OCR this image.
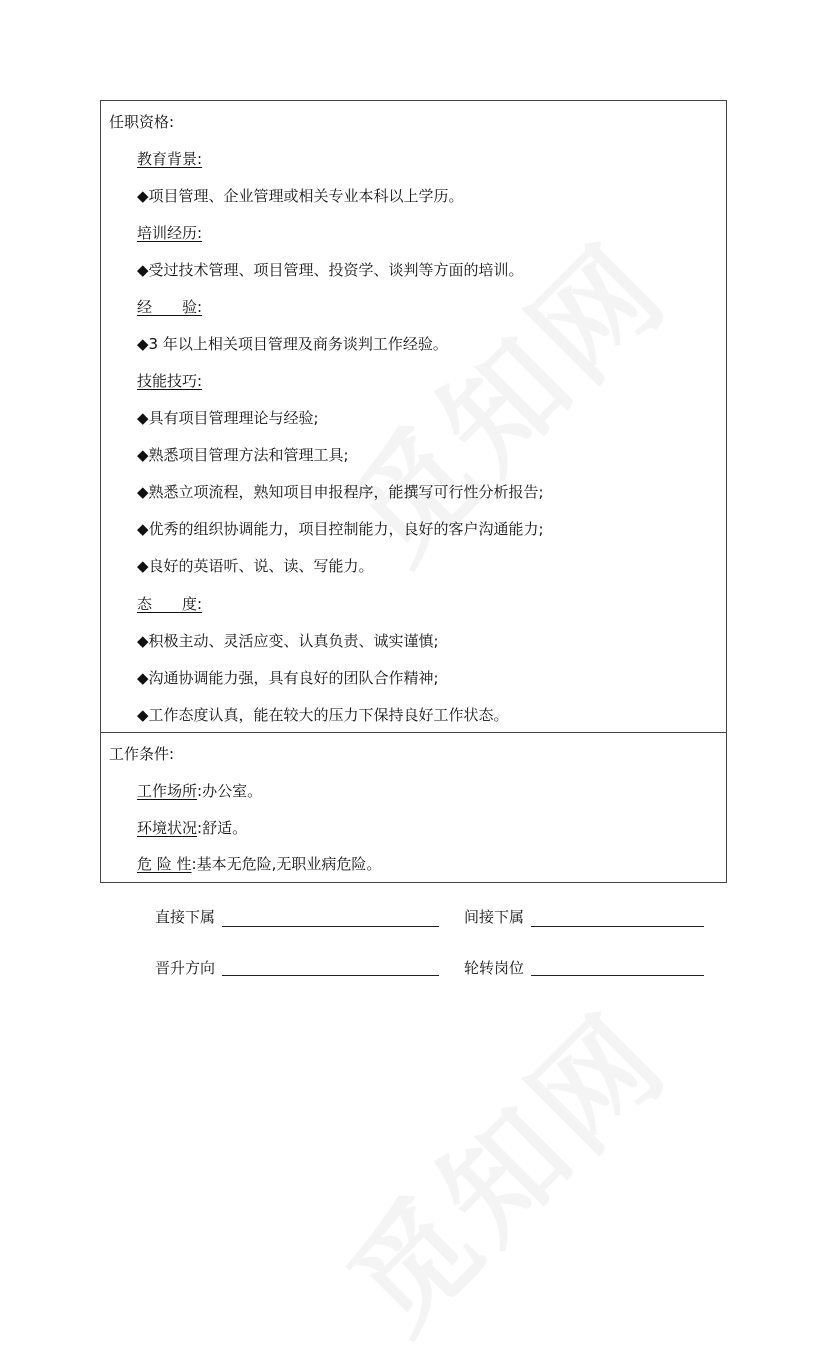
任职资格:
教育背景:
◆项目管理、企业管理或相关专业本科以上学历。
培训经历:
◆受过技术管理、项目管理、投资学、谈判等方面的培训。
经　　验:
◆3 年以上相关项目管理及商务谈判工作经验。
技能技巧:
◆具有项目管理理论与经验;
◆熟悉项目管理方法和管理工具;
◆熟悉立项流程，熟知项目申报程序，能撰写可行性分析报告;
◆优秀的组织协调能力，项目控制能力，良好的客户沟通能力;
◆良好的英语听、说、读、写能力。
态　　度:
◆积极主动、灵活应变、认真负责、诚实谨慎;
◆沟通协调能力强，具有良好的团队合作精神;
◆工作态度认真，能在较大的压力下保持良好工作状态。
工作条件:
工作场所:办公室。
环境状况:舒适。
危 险 性:基本无危险,无职业病危险。
直接下属	间接下属
晋升方向	轮转岗位
